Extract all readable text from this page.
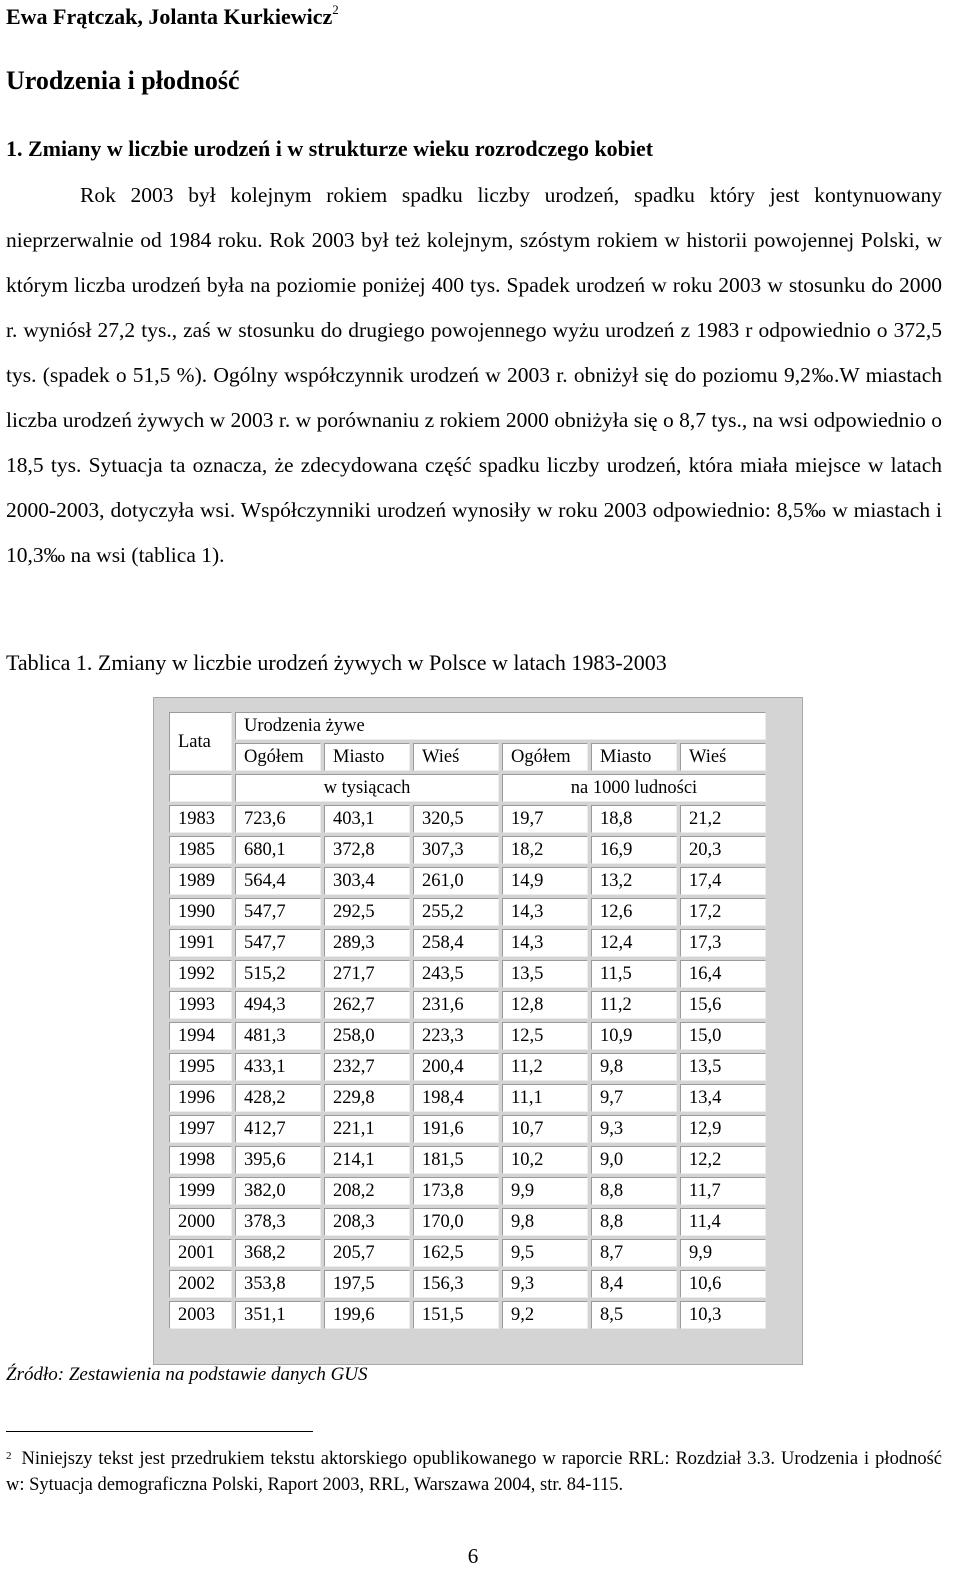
Ewa Frątczak, Jolanta Kurkiewicz$^2$
Urodzenia i płodność
1. Zmiany w liczbie urodzeń i w strukturze wieku rozrodczego kobiet

Rok 2003 był kolejnym rokiem spadku liczby urodzeń, spadku który jest kontynuowany nieprzerwalnie od 1984 roku. Rok 2003 był też kolejnym, szóstym rokiem w historii powojennej Polski, w którym liczba urodzeń była na poziomie poniżej 400 tys. Spadek urodzeń w roku 2003 w stosunku do 2000 r. wyniósł 27,2 tys., zaś w stosunku do drugiego powojennego wyżu urodzeń z 1983 r odpowiednio o 372,5 tys. (spadek o 51,5 %). Ogólny współczynnik urodzeń w 2003 r. obniżył się do poziomu 9,2‰.W miastach liczba urodzeń żywych w 2003 r. w porównaniu z rokiem 2000 obniżyła się o 8,7 tys., na wsi odpowiednio o 18,5 tys. Sytuacja ta oznacza, że zdecydowana część spadku liczby urodzeń, która miała miejsce w latach 2000-2003, dotyczyła wsi. Współczynniki urodzeń wynosiły w roku 2003 odpowiednio: 8,5‰ w miastach i 10,3‰ na wsi (tablica 1).

Tablica 1. Zmiany w liczbie urodzeń żywych w Polsce w latach 1983-2003
Lata	Urodzenia żywe					
	Ogółem	Miasto	Wieś	Ogółem	Miasto	Wieś
	w tysiącach			na 1000 ludności		
1983	723,6	403,1	320,5	19,7	18,8	21,2
1985	680,1	372,8	307,3	18,2	16,9	20,3
1989	564,4	303,4	261,0	14,9	13,2	17,4
1990	547,7	292,5	255,2	14,3	12,6	17,2
1991	547,7	289,3	258,4	14,3	12,4	17,3
1992	515,2	271,7	243,5	13,5	11,5	16,4
1993	494,3	262,7	231,6	12,8	11,2	15,6
1994	481,3	258,0	223,3	12,5	10,9	15,0
1995	433,1	232,7	200,4	11,2	9,8	13,5
1996	428,2	229,8	198,4	11,1	9,7	13,4
1997	412,7	221,1	191,6	10,7	9,3	12,9
1998	395,6	214,1	181,5	10,2	9,0	12,2
1999	382,0	208,2	173,8	9,9	8,8	11,7
2000	378,3	208,3	170,0	9,8	8,8	11,4
2001	368,2	205,7	162,5	9,5	8,7	9,9
2002	353,8	197,5	156,3	9,3	8,4	10,6
2003	351,1	199,6	151,5	9,2	8,5	10,3
Źródło: Zestawienia na podstawie danych GUS

$^2$ Niniejszy tekst jest przedrukiem tekstu aktorskiego opublikowanego w raporcie RRL: Rozdział 3.3. Urodzenia i płodność w: Sytuacja demograficzna Polski, Raport 2003, RRL, Warszawa 2004, str. 84-115.

6
